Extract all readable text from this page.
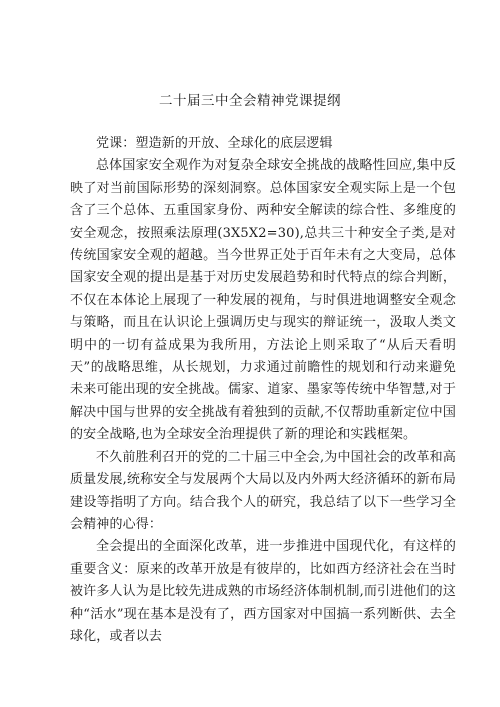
二十届三中全会精神党课提纲

党课：塑造新的开放、全球化的底层逻辑

总体国家安全观作为对复杂全球安全挑战的战略性回应,集中反映了对当前国际形势的深刻洞察。总体国家安全观实际上是一个包含了三个总体、五重国家身份、两种安全解读的综合性、多维度的安全观念，按照乘法原理(3X5X2=30),总共三十种安全子类,是对传统国家安全观的超越。当今世界正处于百年未有之大变局，总体国家安全观的提出是基于对历史发展趋势和时代特点的综合判断，不仅在本体论上展现了一种发展的视角，与时俱进地调整安全观念与策略，而且在认识论上强调历史与现实的辩证统一，汲取人类文明中的一切有益成果为我所用，方法论上则采取了“从后天看明天”的战略思维，从长规划，力求通过前瞻性的规划和行动来避免未来可能出现的安全挑战。儒家、道家、墨家等传统中华智慧,对于解决中国与世界的安全挑战有着独到的贡献,不仅帮助重新定位中国的安全战略,也为全球安全治理提供了新的理论和实践框架。

不久前胜利召开的党的二十届三中全会,为中国社会的改革和高质量发展,统称安全与发展两个大局以及内外两大经济循环的新布局建设等指明了方向。结合我个人的研究，我总结了以下一些学习全会精神的心得：

全会提出的全面深化改革，进一步推进中国现代化，有这样的重要含义：原来的改革开放是有彼岸的，比如西方经济社会在当时被许多人认为是比较先进成熟的市场经济体制机制,而引进他们的这种“活水”现在基本是没有了，西方国家对中国搞一系列断供、去全球化，或者以去
